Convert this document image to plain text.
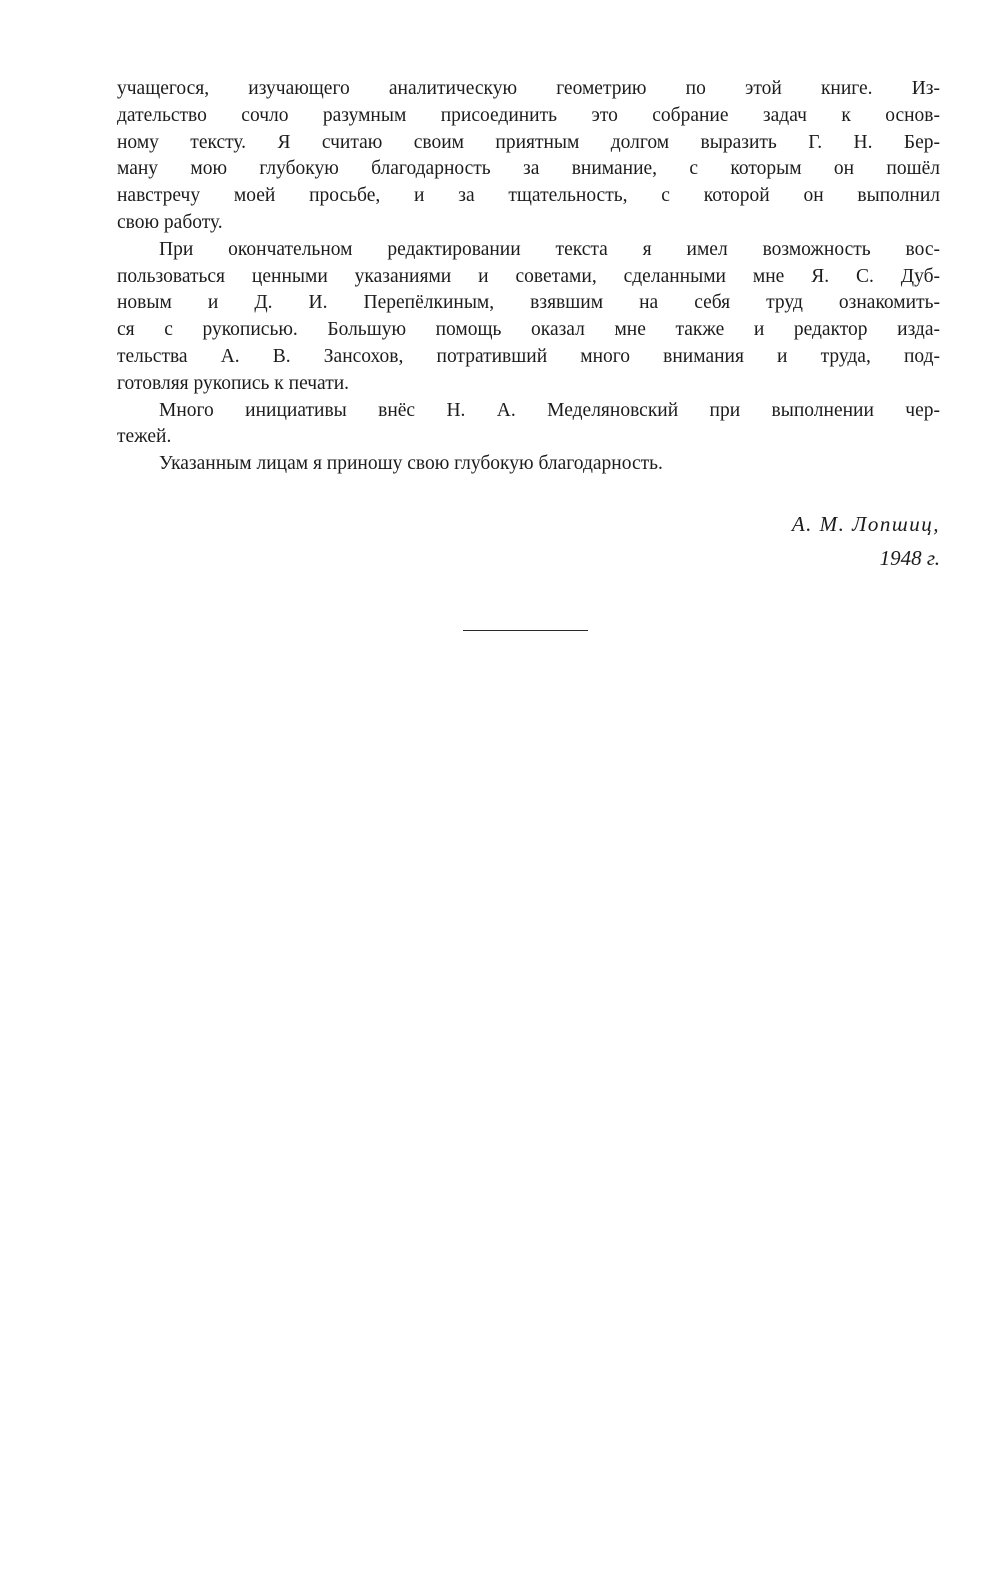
учащегося, изучающего аналитическую геометрию по этой книге. Из-
дательство сочло разумным присоединить это собрание задач к основ-
ному тексту. Я считаю своим приятным долгом выразить Г. Н. Бер-
ману мою глубокую благодарность за внимание, с которым он пошёл
навстречу моей просьбе, и за тщательность, с которой он выполнил
свою работу.
При окончательном редактировании текста я имел возможность вос-
пользоваться ценными указаниями и советами, сделанными мне Я. С. Дуб-
новым и Д. И. Перепёлкиным, взявшим на себя труд ознакомить-
ся с рукописью. Большую помощь оказал мне также и редактор изда-
тельства А. В. Зансохов, потративший много внимания и труда, под-
готовляя рукопись к печати.
Много инициативы внёс Н. А. Меделяновский при выполнении чер-
тежей.
Указанным лицам я приношу свою глубокую благодарность.
А. М. Лопшиц,
1948 г.
